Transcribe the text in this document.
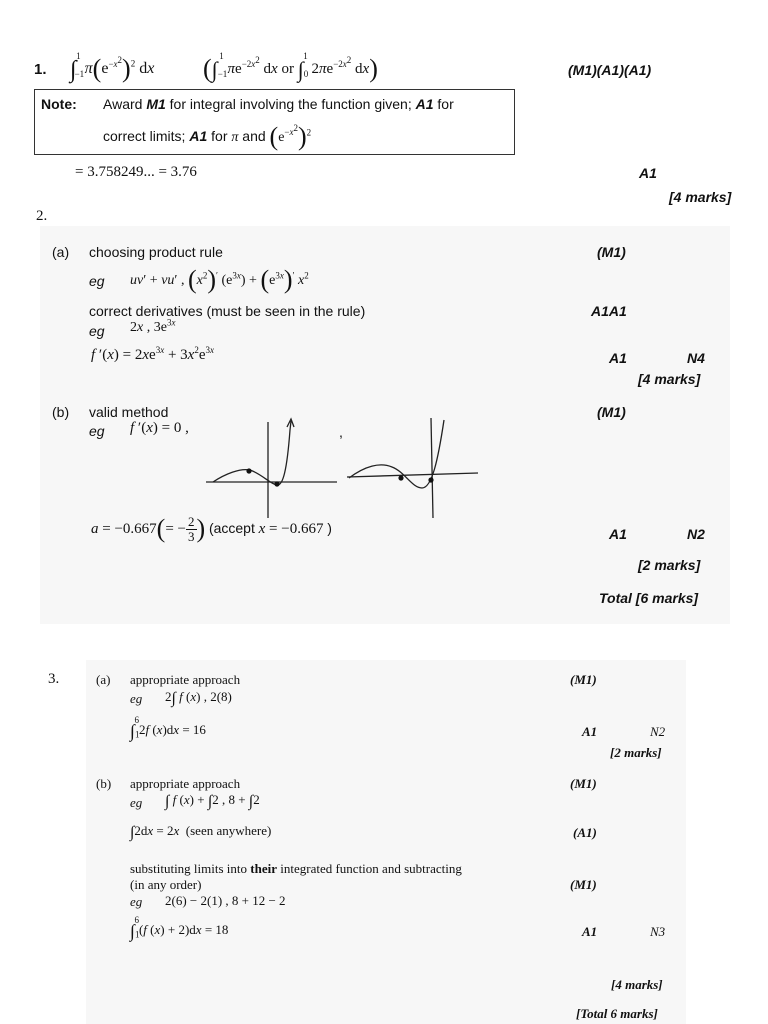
1. $\int_{-1}^1$ $\pi(e^{-x^2})^2$ dx ($\int_{-1}^1$ $\pi e^{-2x^2}$ dx or $\int_0^1$ $2\pi e^{-2x^2}$ dx)	(M1)(A1)(A1)
Note: Award M1 for integral involving the function given; A1 for
correct limits; A1 for π and $(e^{-x^2})^2$
= 3.758249... = 3.76	A1
[4 marks]
2.
(a) choosing product rule	(M1)
eg uv′ + vu′ , $(x^2)'$ $(e^{3x}) + (e^{3x})'$ $x^2$
correct derivatives (must be seen in the rule)	A1A1
eg 2x , $3e^{3x}$
f $'(x) = 2xe^{3x} + 3x^2e^{3x}$	A1	N4
[4 marks]
(b) valid method	(M1)
eg f ′(x) = 0 ,	,
$a = -0.667(= - \frac{2}{3}$ ) (accept x = −0.667 )	A1	N2
[2 marks]
Total [6 marks]
3.	(a) appropriate approach	(M1)
eg 2∫ f (x) , 2(8)
$\int_1^62f$ (x)dx = 16	A1	N2
[2 marks]
(b) appropriate approach	(M1)
eg ∫ f (x) + ∫2 , 8 + ∫2
∫2dx = 2x  (seen anywhere)	(A1)
substituting limits into their integrated function and subtracting
(in any order)	(M1)
eg 2(6) − 2(1) , 8 + 12 − 2
$\int_1^6(f$ (x) + 2)dx = 18	A1	N3
[4 marks]
[Total 6 marks]
